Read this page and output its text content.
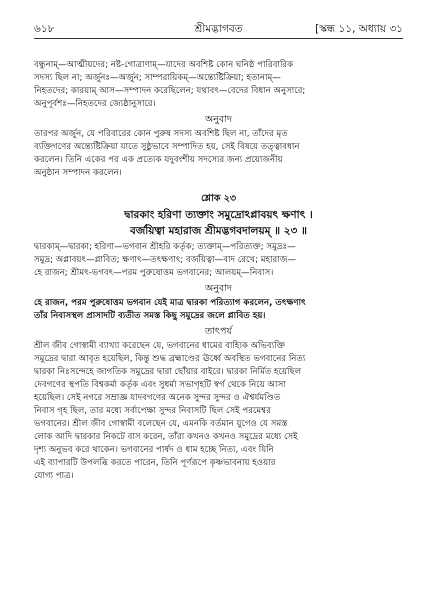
৬১৮	শ্রীমদ্ভাগবত	[স্কন্ধ ১১, অধ্যায় ৩১

বন্ধুনাম্—আত্মীয়দের; নষ্ট-গোত্রাণাম্—যাদের অবশিষ্ট কোন ঘনিষ্ঠ পারিবারিক

সদস্য ছিল না; অর্জুনঃ—অর্জুন; সাম্পরায়িকম্—অন্ত্যেষ্টিক্রিয়া; হতানাম্—

নিহতদের; কারয়াম্ আস—সম্পাদন করেছিলেন; যথাবৎ—বেদের বিধান অনুসারে;

অনুপূর্বশঃ—নিহতদের জ্যেষ্ঠানুসারে।

অনুবাদ

তারপর অর্জুন, যে পরিবারের কোন পুরুষ সদস্য অবশিষ্ট ছিল না, তাঁদের মৃত

ব্যক্তিগণের অন্ত্যেষ্টিক্রিয়া যাতে সুষ্ঠুভাবে সম্পাদিত হয়, সেই বিষয়ে তত্ত্বাবধান

করলেন। তিনি একের পর এক প্রত্যেক যদুবংশীয় সদস্যের জন্য প্রয়োজনীয়

অনুষ্ঠান সম্পাদন করলেন।

শ্লোক ২৩

দ্বারকাং হরিণা ত্যক্তাং সমুদ্রোঽপ্লাবয়ৎ ক্ষণাৎ ।

বর্জয়িত্বা মহারাজ শ্রীমদ্ভগবদালয়ম্ ॥ ২৩ ॥

দ্বারকাম্—দ্বারকা; হরিণা—ভগবান শ্রীহরি কর্তৃক; ত্যক্তাম্—পরিত্যক্ত; সমুদ্রঃ—

সমুদ্র; অপ্লাবয়ৎ—প্লাবিত; ক্ষণাৎ—তৎক্ষণাৎ; বর্জয়িত্বা—বাদ রেখে; মহারাজ—

হে রাজন; শ্রীমৎ-ভগবৎ—পরম পুরুষোত্তম ভগবানের; আলয়ম্—নিবাস।

অনুবাদ

হে রাজন, পরম পুরুষোত্তম ভগবান যেই মাত্র দ্বারকা পরিত্যাগ করলেন, তৎক্ষণাৎ

তাঁর নিবাসস্থল প্রাসাদটি ব্যতীত সমস্ত কিছু সমুদ্রের জলে প্লাবিত হয়।

তাৎপর্য

শ্রীল জীব গোস্বামী ব্যাখ্যা করেছেন যে, ভগবানের ধামের বাহ্যিক অভিব্যক্তি

সমুদ্রের দ্বারা আবৃত হয়েছিল, কিন্তু শুদ্ধ ব্রহ্মাণ্ডের ঊর্ধ্বে অবস্থিত ভগবানের নিত্য

দ্বারকা নিঃসন্দেহে জাগতিক সমুদ্রের দ্বারা ছোঁয়ার বাইরে। দ্বারকা নির্মিত হয়েছিল

দেবগণের স্থপতি বিশ্বকর্মা কর্তৃক এবং সুধর্মা সভাগৃহটি স্বর্গ থেকে নিয়ে আসা

হয়েছিল। সেই নগরে সম্রাজ্ঞ যাদবগণের অনেক সুন্দর সুন্দর ও ঐশ্বর্যমণ্ডিত

নিবাস গৃহ ছিল, তার মধ্যে সর্বাপেক্ষা সুন্দর নিবাসটি ছিল সেই পরমেশ্বর

ভগবানের। শ্রীল জীব গোস্বামী বলেছেন যে, এমনকি বর্তমান যুগেও যে সমস্ত

লোক আদি দ্বারকার নিকটে বাস করেন, তাঁরা কখনও কখনও সমুদ্রের মধ্যে সেই

দৃশ্য অনুভব করে থাকেন। ভগবানের পার্ষদ ও ধাম হচ্ছে নিত্য, এবং যিনি

এই ব্যাপারটি উপলব্ধি করতে পারেন, তিনি পূর্ণরূপে কৃষ্ণভাবনায় হওয়ার

যোগ্য পাত্র।
